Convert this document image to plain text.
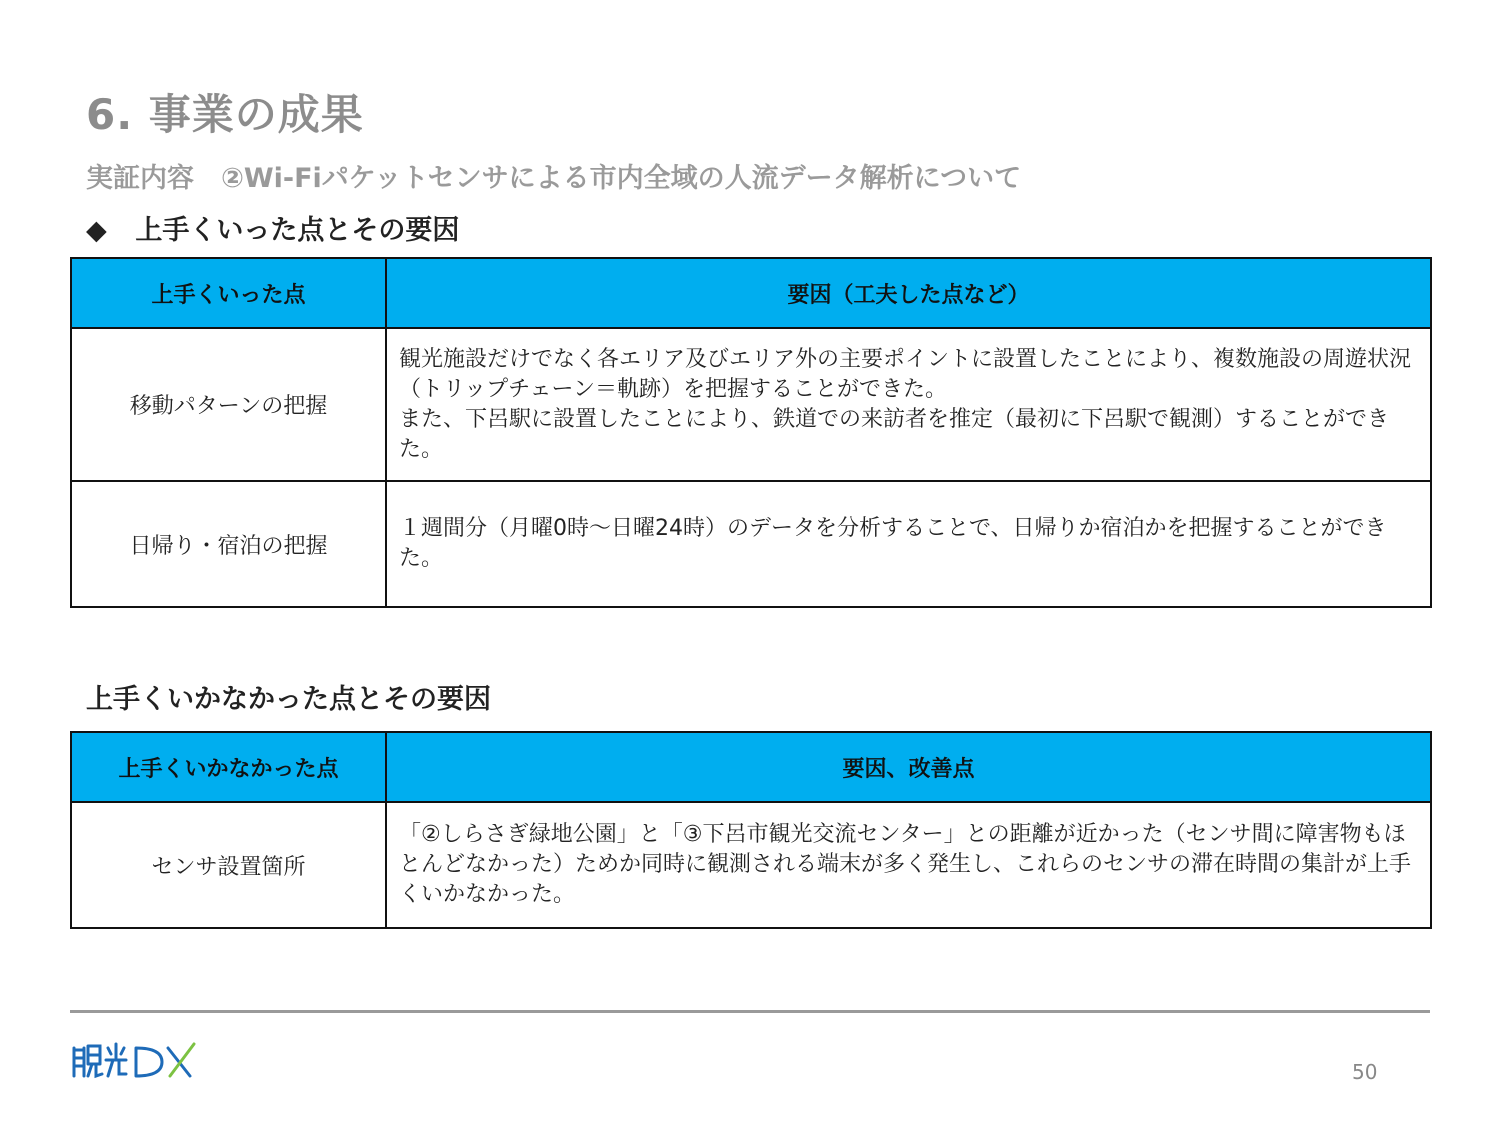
6. 事業の成果
実証内容　②Wi-Fiパケットセンサによる市内全域の人流データ解析について
◆ 上手くいった点とその要因
上手くいった点	要因（工夫した点など）
移動パターンの把握	観光施設だけでなく各エリア及びエリア外の主要ポイントに設置したことにより、複数施設の周遊状況（トリップチェーン＝軌跡）を把握することができた。
また、下呂駅に設置したことにより、鉄道での来訪者を推定（最初に下呂駅で観測）することができた。
日帰り・宿泊の把握	１週間分（月曜0時～日曜24時）のデータを分析することで、日帰りか宿泊かを把握することができた。
上手くいかなかった点とその要因
上手くいかなかった点	要因、改善点
センサ設置箇所	「②しらさぎ緑地公園」と「③下呂市観光交流センター」との距離が近かった（センサ間に障害物もほとんどなかった）ためか同時に観測される端末が多く発生し、これらのセンサの滞在時間の集計が上手くいかなかった。
50
